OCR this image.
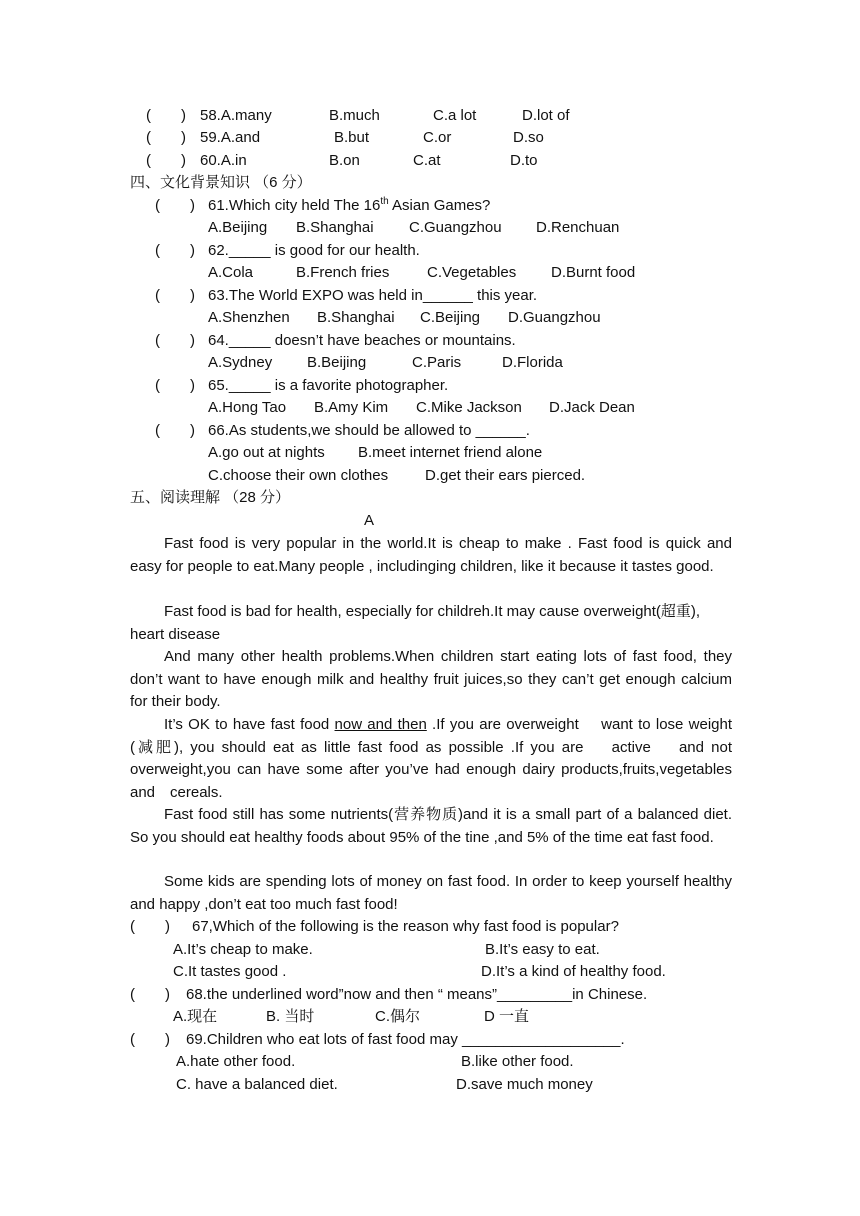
(　　) 58.A.many	B.much	C.a lot	D.lot of
(　　) 59.A.and	B.but	C.or	D.so
(　　) 60.A.in	B.on	C.at	D.to
四、文化背景知识 （6 分）
(　　) 61.Which city held The 16th Asian Games?
A.Beijing B.Shanghai C.Guangzhou D.Renchuan
(　　) 62._____ is good for our health.
A.Cola	B.French fries	C.Vegetables D.Burnt food
(　　) 63.The World EXPO was held in______ this year.
A.Shenzhen B.Shanghai C.Beijing D.Guangzhou
(　　) 64._____ doesn’t have beaches or mountains.
A.Sydney B.Beijing	C.Paris	D.Florida
(　　) 65._____ is a favorite photographer.
A.Hong Tao B.Amy Kim C.Mike Jackson D.Jack Dean
(　　) 66.As students,we should be allowed to ______.
A.go out at nights B.meet internet friend alone
C.choose their own clothes D.get their ears pierced.
五、阅读理解 （28 分）
A
Fast food is very popular in the world.It is cheap to make . Fast food is quick and easy for people to eat.Many people , includinging children, like it because it tastes good.
Fast food is bad for health, especially for childreh.It may cause overweight(超重),
heart disease
And many other health problems.When children start eating lots of fast food, they don’t want to have enough milk and healthy fruit juices,so they can’t get enough calcium for their body.
It’s OK to have fast food now and then .If you are overweight　 want to lose weight (减肥), you should eat as little fast food as possible .If you are　 active　 and not overweight,you can have some after you’ve had enough dairy products,fruits,vegetables and　cereals.
Fast food still has some nutrients(营养物质)and it is a small part of a balanced diet. So you should eat healthy foods about 95% of the tine ,and 5% of the time eat fast food.
Some kids are spending lots of money on fast food. In order to keep yourself healthy　and happy ,don’t eat too much fast food!
(　　) 67,Which of the following is the reason why fast food is popular?
A.It’s cheap to make.	B.It’s easy to eat.
C.It tastes good .	D.It’s a kind of healthy food.
(　　) 68.the underlined word”now and then “ means”_________in Chinese.
A.现在	B. 当时	C.偶尔	D 一直
(　　) 69.Children who eat lots of fast food may ___________________.
A.hate other food.	B.like other food.
C. have a balanced diet.	D.save much money
